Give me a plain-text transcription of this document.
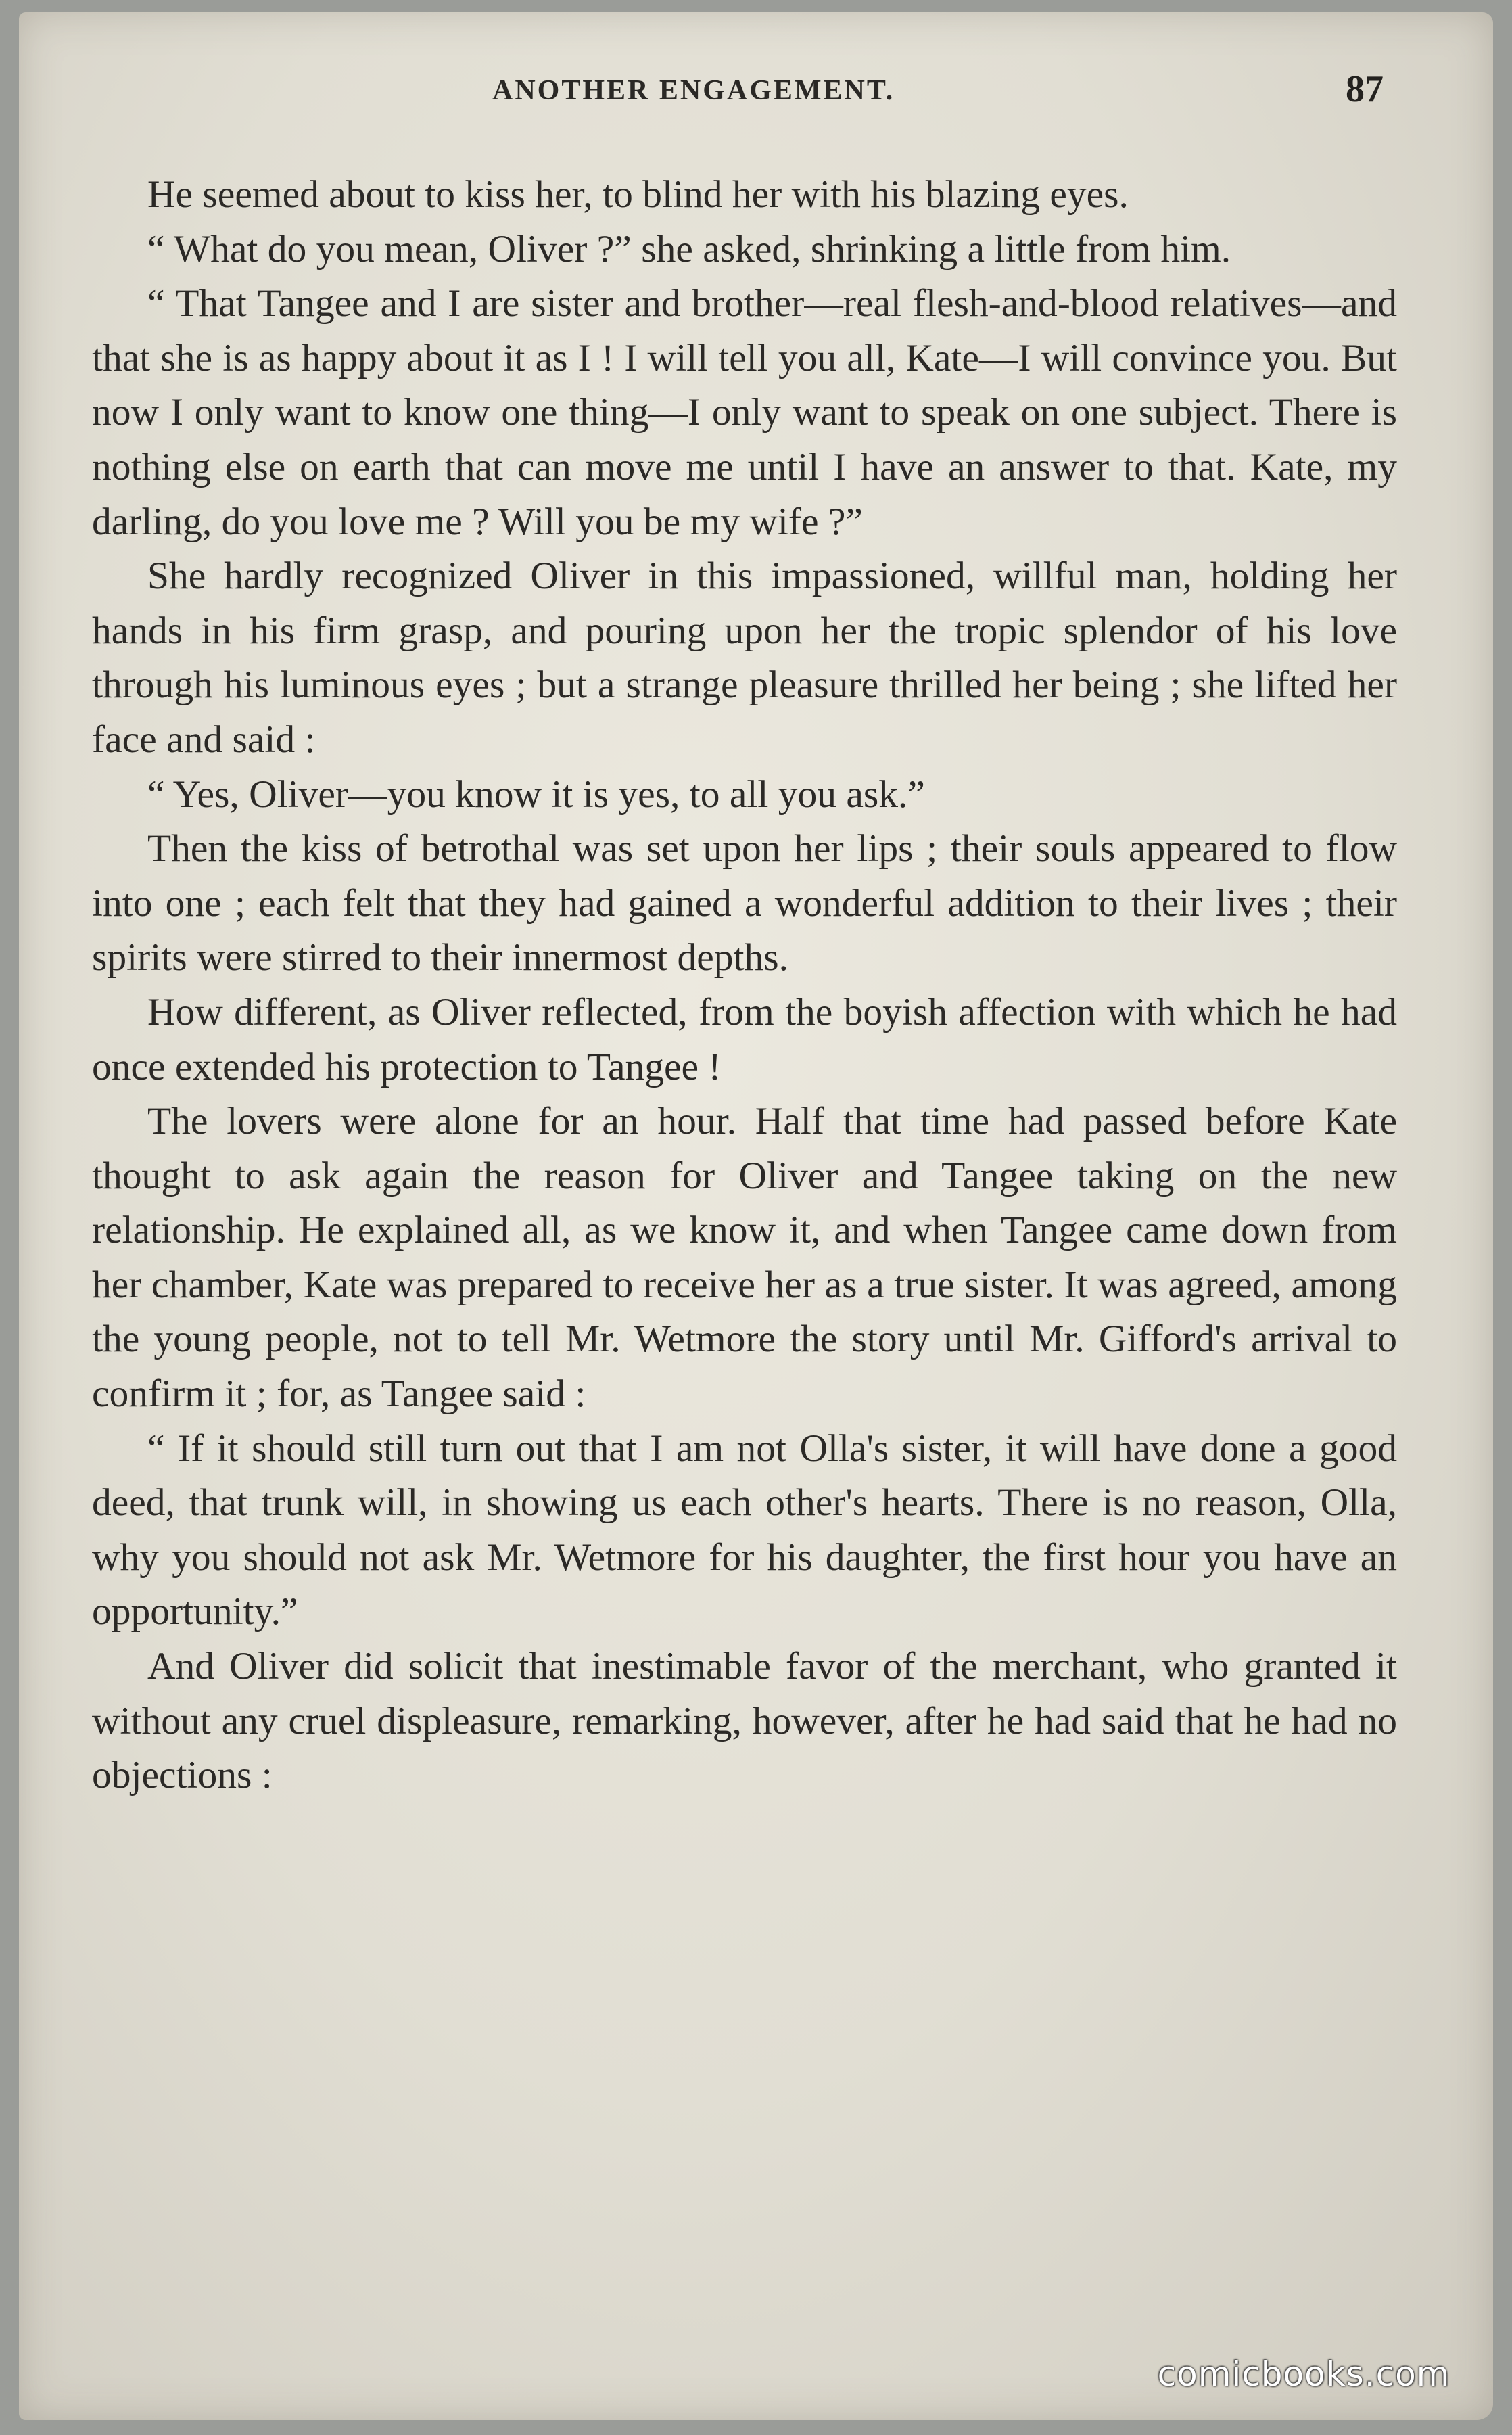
ANOTHER ENGAGEMENT.	87

He seemed about to kiss her, to blind her with his blazing eyes.

“ What do you mean, Oliver ?” she asked, shrinking a little from him.

“ That Tangee and I are sister and brother—real flesh-and-blood relatives—and that she is as happy about it as I ! I will tell you all, Kate—I will convince you. But now I only want to know one thing—I only want to speak on one subject. There is nothing else on earth that can move me until I have an answer to that. Kate, my darling, do you love me ? Will you be my wife ?”

She hardly recognized Oliver in this impassioned, willful man, holding her hands in his firm grasp, and pouring upon her the tropic splendor of his love through his luminous eyes ; but a strange pleasure thrilled her being ; she lifted her face and said :

“ Yes, Oliver—you know it is yes, to all you ask.”

Then the kiss of betrothal was set upon her lips ; their souls appeared to flow into one ; each felt that they had gained a wonderful addition to their lives ; their spirits were stirred to their innermost depths.

How different, as Oliver reflected, from the boyish affection with which he had once extended his protection to Tangee !

The lovers were alone for an hour. Half that time had passed before Kate thought to ask again the reason for Oliver and Tangee taking on the new relationship. He explained all, as we know it, and when Tangee came down from her chamber, Kate was prepared to receive her as a true sister. It was agreed, among the young people, not to tell Mr. Wetmore the story until Mr. Gifford's arrival to confirm it ; for, as Tangee said :

“ If it should still turn out that I am not Olla's sister, it will have done a good deed, that trunk will, in showing us each other's hearts. There is no reason, Olla, why you should not ask Mr. Wetmore for his daughter, the first hour you have an opportunity.”

And Oliver did solicit that inestimable favor of the merchant, who granted it without any cruel displeasure, remarking, however, after he had said that he had no objections :

comicbooks.com
